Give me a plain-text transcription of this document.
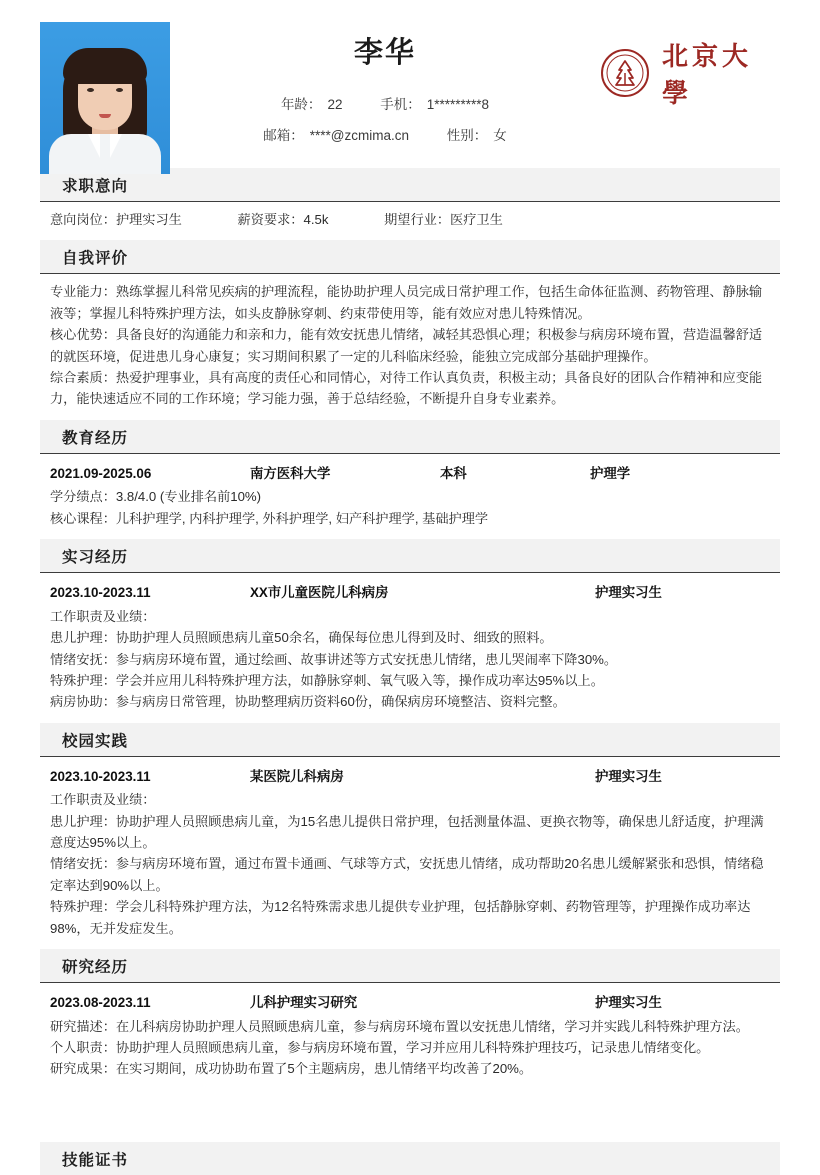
李华
年龄： 22	手机： 1*********8
邮箱： ****@zcmima.cn	性别： 女
北京大學
求职意向
意向岗位：护理实习生	薪资要求：4.5k	期望行业：医疗卫生
自我评价

专业能力：熟练掌握儿科常见疾病的护理流程，能协助护理人员完成日常护理工作，包括生命体征监测、药物管理、静脉输液等；掌握儿科特殊护理方法，如头皮静脉穿刺、约束带使用等，能有效应对患儿特殊情况。

核心优势：具备良好的沟通能力和亲和力，能有效安抚患儿情绪，减轻其恐惧心理；积极参与病房环境布置，营造温馨舒适的就医环境，促进患儿身心康复；实习期间积累了一定的儿科临床经验，能独立完成部分基础护理操作。

综合素质：热爱护理事业，具有高度的责任心和同情心，对待工作认真负责，积极主动；具备良好的团队合作精神和应变能力，能快速适应不同的工作环境；学习能力强，善于总结经验，不断提升自身专业素养。

教育经历
2021.09-2025.06	南方医科大学	本科	护理学

学分绩点：3.8/4.0 (专业排名前10%)

核心课程：儿科护理学, 内科护理学, 外科护理学, 妇产科护理学, 基础护理学

实习经历
2023.10-2023.11	XX市儿童医院儿科病房	护理实习生

工作职责及业绩：

患儿护理：协助护理人员照顾患病儿童50余名，确保每位患儿得到及时、细致的照料。

情绪安抚：参与病房环境布置，通过绘画、故事讲述等方式安抚患儿情绪，患儿哭闹率下降30%。

特殊护理：学会并应用儿科特殊护理方法，如静脉穿刺、氧气吸入等，操作成功率达95%以上。

病房协助：参与病房日常管理，协助整理病历资料60份，确保病房环境整洁、资料完整。

校园实践
2023.10-2023.11	某医院儿科病房	护理实习生

工作职责及业绩：

患儿护理：协助护理人员照顾患病儿童，为15名患儿提供日常护理，包括测量体温、更换衣物等，确保患儿舒适度，护理满意度达95%以上。

情绪安抚：参与病房环境布置，通过布置卡通画、气球等方式，安抚患儿情绪，成功帮助20名患儿缓解紧张和恐惧，情绪稳定率达到90%以上。

特殊护理：学会儿科特殊护理方法，为12名特殊需求患儿提供专业护理，包括静脉穿刺、药物管理等，护理操作成功率达98%，无并发症发生。

研究经历
2023.08-2023.11	儿科护理实习研究	护理实习生

研究描述：在儿科病房协助护理人员照顾患病儿童，参与病房环境布置以安抚患儿情绪，学习并实践儿科特殊护理方法。

个人职责：协助护理人员照顾患病儿童，参与病房环境布置，学习并应用儿科特殊护理技巧，记录患儿情绪变化。

研究成果：在实习期间，成功协助布置了5个主题病房，患儿情绪平均改善了20%。

技能证书
